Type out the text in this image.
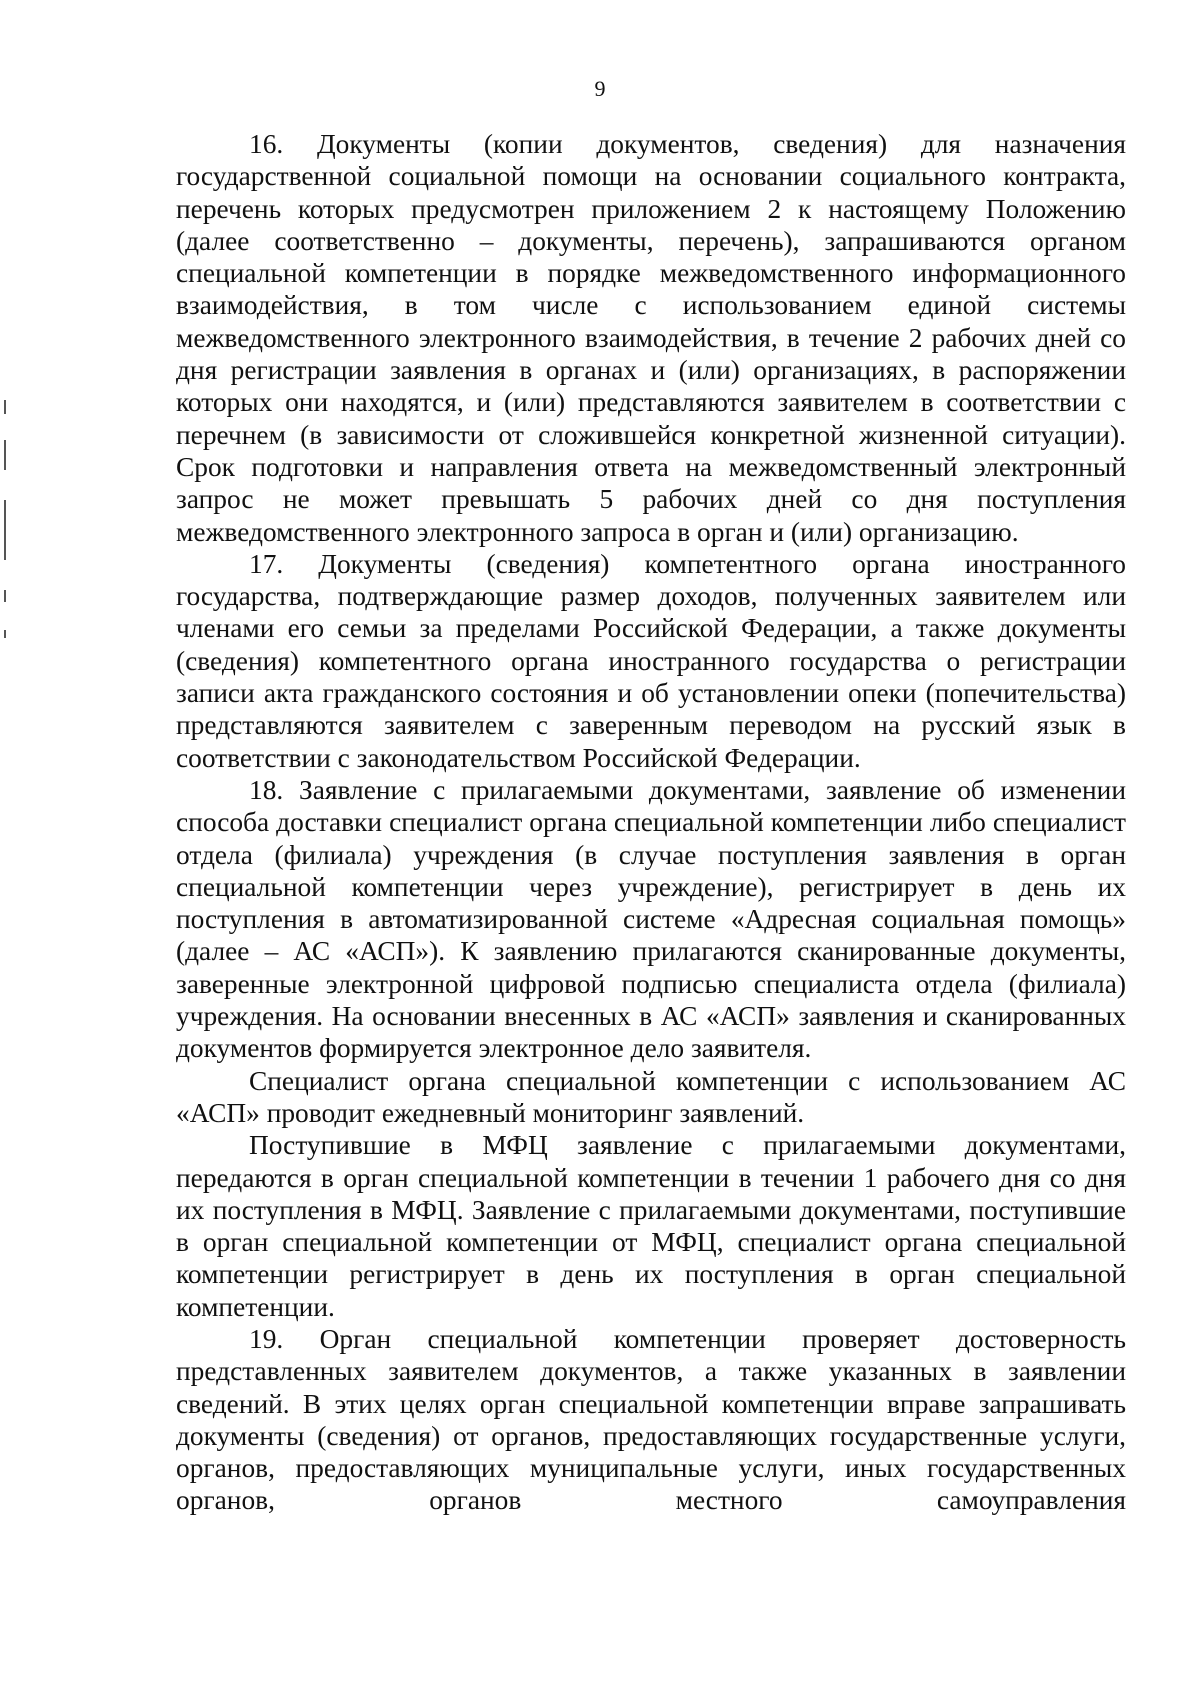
9

16. Документы (копии документов, сведения) для назначения государственной социальной помощи на основании социального контракта, перечень которых предусмотрен приложением 2 к настоящему Положению (далее соответственно – документы, перечень), запрашиваются органом специальной компетенции в порядке межведомственного информационного взаимодействия, в том числе с использованием единой системы межведомственного электронного взаимодействия, в течение 2 рабочих дней со дня регистрации заявления в органах и (или) организациях, в распоряжении которых они находятся, и (или) представляются заявителем в соответствии с перечнем (в зависимости от сложившейся конкретной жизненной ситуации). Срок подготовки и направления ответа на межведомственный электронный запрос не может превышать 5 рабочих дней со дня поступления межведомственного электронного запроса в орган и (или) организацию.

17. Документы (сведения) компетентного органа иностранного государства, подтверждающие размер доходов, полученных заявителем или членами его семьи за пределами Российской Федерации, а также документы (сведения) компетентного органа иностранного государства о регистрации записи акта гражданского состояния и об установлении опеки (попечительства) представляются заявителем с заверенным переводом на русский язык в соответствии с законодательством Российской Федерации.

18. Заявление с прилагаемыми документами, заявление об изменении способа доставки специалист органа специальной компетенции либо специалист отдела (филиала) учреждения (в случае поступления заявления в орган специальной компетенции через учреждение), регистрирует в день их поступления в автоматизированной системе «Адресная социальная помощь» (далее – АС «АСП»). К заявлению прилагаются сканированные документы, заверенные электронной цифровой подписью специалиста отдела (филиала) учреждения. На основании внесенных в АС «АСП» заявления и сканированных документов формируется электронное дело заявителя.

Специалист органа специальной компетенции с использованием АС «АСП» проводит ежедневный мониторинг заявлений.

Поступившие в МФЦ заявление с прилагаемыми документами, передаются в орган специальной компетенции в течении 1 рабочего дня со дня их поступления в МФЦ. Заявление с прилагаемыми документами, поступившие в орган специальной компетенции от МФЦ, специалист органа специальной компетенции регистрирует в день их поступления в орган специальной компетенции.

19. Орган специальной компетенции проверяет достоверность представленных заявителем документов, а также указанных в заявлении сведений. В этих целях орган специальной компетенции вправе запрашивать документы (сведения) от органов, предоставляющих государственные услуги, органов, предоставляющих муниципальные услуги, иных государственных органов, органов местного самоуправления
